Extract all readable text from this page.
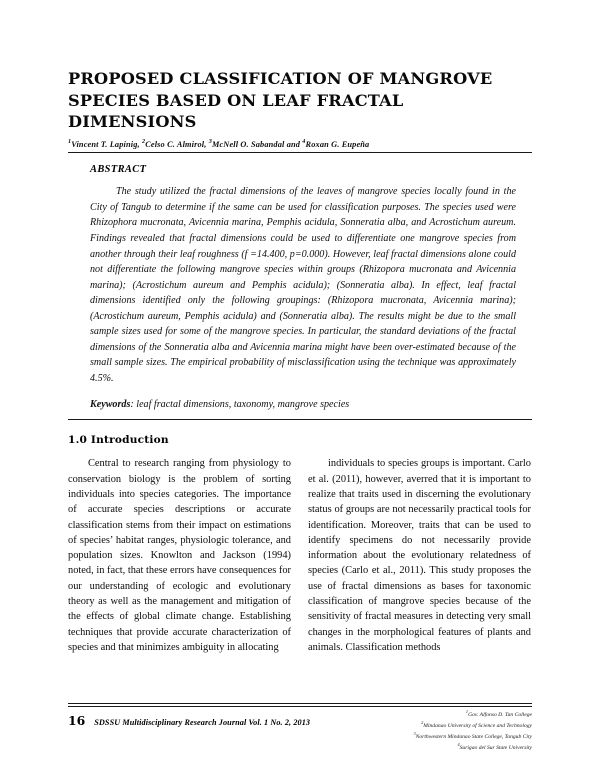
PROPOSED CLASSIFICATION OF MANGROVE SPECIES BASED ON LEAF FRACTAL DIMENSIONS
$^1$Vincent T. Lapinig, $^2$Celso C. Almirol, $^3$McNell O. Sabandal and $^4$Roxan G. Eupeña
ABSTRACT

The study utilized the fractal dimensions of the leaves of mangrove species locally found in the City of Tangub to determine if the same can be used for classification purposes. The species used were Rhizophora mucronata, Avicennia marina, Pemphis acidula, Sonneratia alba, and Acrostichum aureum. Findings revealed that fractal dimensions could be used to differentiate one mangrove species from another through their leaf roughness (f =14.400, p=0.000). However, leaf fractal dimensions alone could not differentiate the following mangrove species within groups (Rhizopora mucronata and Avicennia marina); (Acrostichum aureum and Pemphis acidula); (Sonneratia alba). In effect, leaf fractal dimensions identified only the following groupings: (Rhizopora mucronata, Avicennia marina); (Acrostichum aureum, Pemphis acidula) and (Sonneratia alba). The results might be due to the small sample sizes used for some of the mangrove species. In particular, the standard deviations of the fractal dimensions of the Sonneratia alba and Avicennia marina might have been over-estimated because of the small sample sizes. The empirical probability of misclassification using the technique was approximately 4.5%.

Keywords: leaf fractal dimensions, taxonomy, mangrove species

1.0 Introduction

Central to research ranging from physiology to conservation biology is the problem of sorting individuals into species categories. The importance of accurate species descriptions or accurate classification stems from their impact on estimations of species’ habitat ranges, physiologic tolerance, and population sizes. Knowlton and Jackson (1994) noted, in fact, that these errors have consequences for our understanding of ecologic and evolutionary theory as well as the management and mitigation of the effects of global climate change. Establishing techniques that provide accurate characterization of species and that minimizes ambiguity in allocating

individuals to species groups is important. Carlo et al. (2011), however, averred that it is important to realize that traits used in discerning the evolutionary status of groups are not necessarily practical tools for identification. Moreover, traits that can be used to identify specimens do not necessarily provide information about the evolutionary relatedness of species (Carlo et al., 2011). This study proposes the use of fractal dimensions as bases for taxonomic classification of mangrove species because of the sensitivity of fractal measures in detecting very small changes in the morphological features of plants and animals. Classification methods

16 SDSSU Multidisciplinary Research Journal Vol. 1 No. 2, 2013
$^1$Gov. Alfonso D. Tan College
$^2$Mindanao University of Science and Technology
$^3$Northwestern Mindanao State College, Tangub City
$^4$Surigao del Sur State University
